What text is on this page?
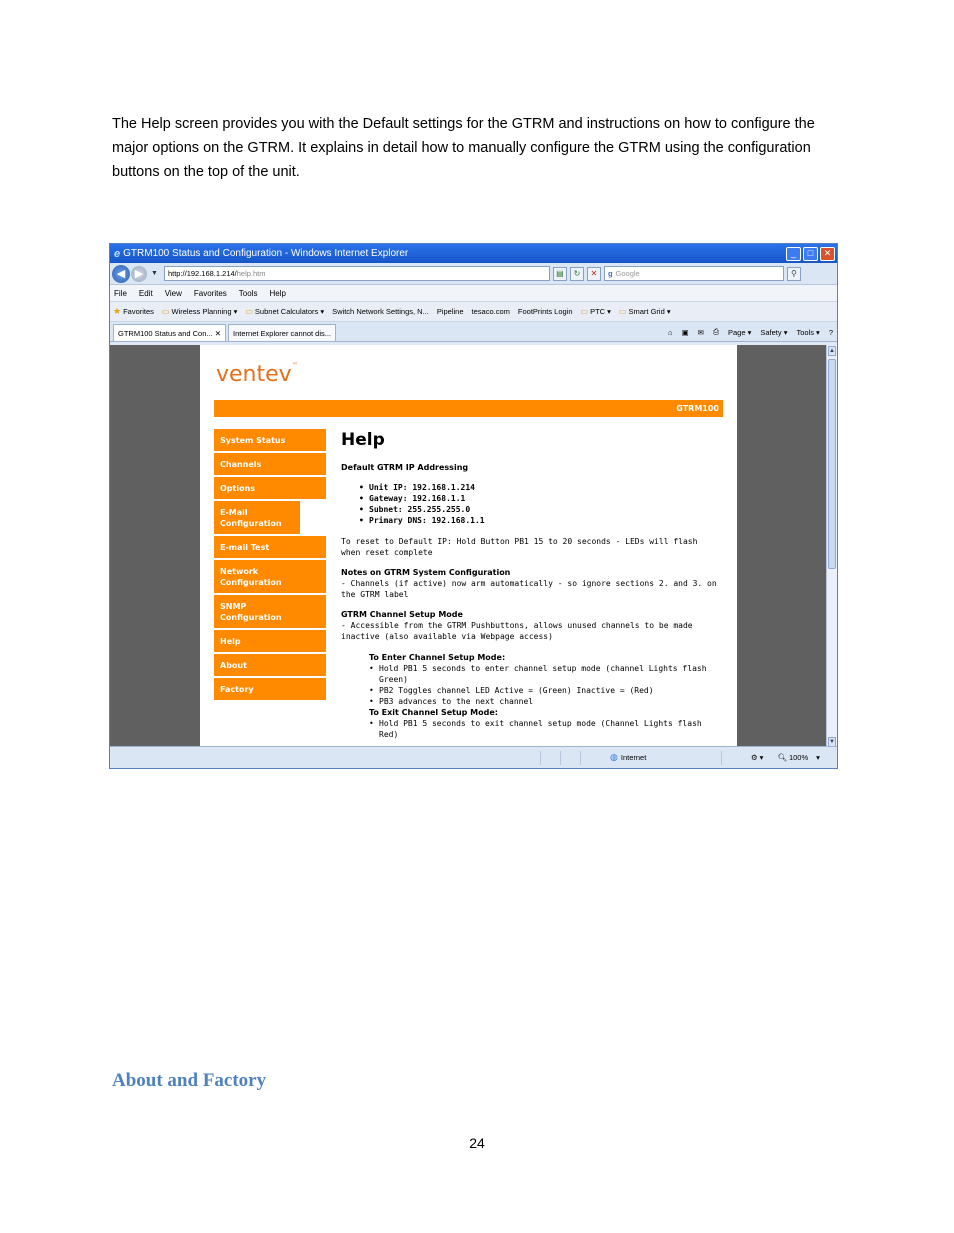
The Help screen provides you with the Default settings for the GTRM and instructions on how to configure the major options on the GTRM. It explains in detail how to manually configure the GTRM using the configuration buttons on the top of the unit.

e GTRM100 Status and Configuration - Windows Internet Explorer	_	□	✕
◀ ▶	▼ http://192.168.1.214/ help.htm	▤	↻	✕	g Google	⚲
File Edit View Favorites Tools Help
★ Favorites ▭ Wireless Planning ▾ ▭ Subnet Calculators ▾ Switch Network Settings, N... Pipeline tesaco.com FootPrints Login ▭ PTC ▾ ▭ Smart Grid ▾
GTRM100 Status and Con...
✕ Internet Explorer cannot dis...	⌂ ▣ ✉ ⎙ Page ▾ Safety ▾ Tools ▾ ?
ventev™
GTRM100
System Status
Channels
Options
E-Mail Configuration
E-mail Test
Network Configuration
SNMP Configuration
Help
About
Factory
Help
Default GTRM IP Addressing
• Unit IP: 192.168.1.214
• Gateway: 192.168.1.1
• Subnet: 255.255.255.0
• Primary DNS: 192.168.1.1
To reset to Default IP: Hold Button PB1 15 to 20 seconds - LEDs will flash when reset complete
Notes on GTRM System Configuration
- Channels (if active) now arm automatically - so ignore sections 2. and 3. on the GTRM label
GTRM Channel Setup Mode
- Accessible from the GTRM Pushbuttons, allows unused channels to be made inactive (also available via Webpage access)
To Enter Channel Setup Mode:
• Hold PB1 5 seconds to enter channel setup mode (channel Lights flash Green)
• PB2 Toggles channel LED Active = (Green) Inactive = (Red)
• PB3 advances to the next channel
To Exit Channel Setup Mode:
• Hold PB1 5 seconds to exit channel setup mode (Channel Lights flash Red)
▲
▼
◍ Internet	⚙ ▾ 🔍︎ 100% ▾
About and Factory
24
